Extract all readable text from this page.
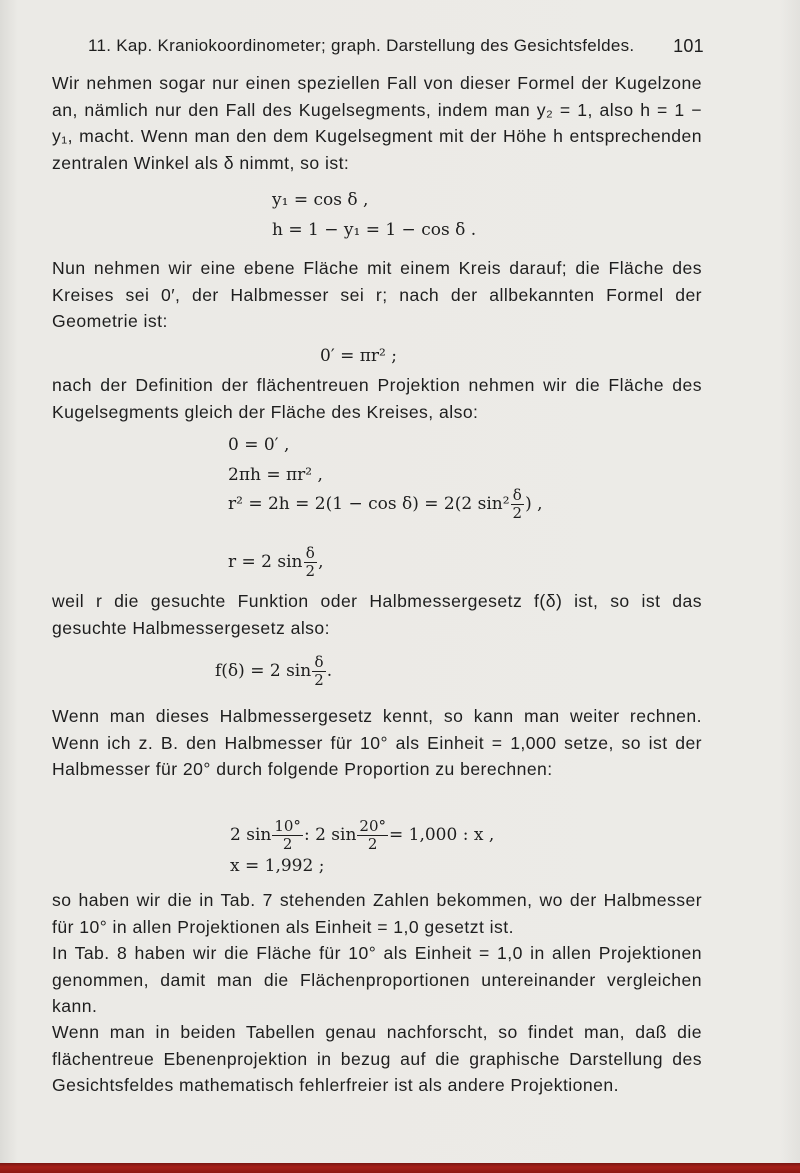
11. Kap. Kraniokoordinometer; graph. Darstellung des Gesichtsfeldes. 101

Wir nehmen sogar nur einen speziellen Fall von dieser Formel der Kugelzone an, nämlich nur den Fall des Kugelsegments, indem man y₂ = 1, also h = 1 − y₁, macht. Wenn man den dem Kugelsegment mit der Höhe h entsprechenden zentralen Winkel als δ nimmt, so ist:

y₁ = cos δ ,
h = 1 − y₁ = 1 − cos δ .

Nun nehmen wir eine ebene Fläche mit einem Kreis darauf; die Fläche des Kreises sei 0′, der Halbmesser sei r; nach der allbekannten Formel der Geometrie ist:

0′ = πr² ;

nach der Definition der flächentreuen Projektion nehmen wir die Fläche des Kugelsegments gleich der Fläche des Kreises, also:

0 = 0′ ,
2πh = πr² ,
r² = 2h = 2(1 − cos δ) = 2(2 $\sin^2 \frac{\delta}{2}$ ) ,
r = 2 $\sin \frac{\delta}{2}$ ,

weil r die gesuchte Funktion oder Halbmessergesetz f(δ) ist, so ist das gesuchte Halbmessergesetz also:

f(δ) = 2 $\sin \frac{\delta}{2}$ .

Wenn man dieses Halbmessergesetz kennt, so kann man weiter rechnen. Wenn ich z. B. den Halbmesser für 10° als Einheit = 1,000 setze, so ist der Halbmesser für 20° durch folgende Proportion zu berechnen:

2 $\sin \frac{10^\circ}{2}$ : 2 $\sin \frac{20^\circ}{2} = 1,000$ : x ,
x = 1,992 ;

so haben wir die in Tab. 7 stehenden Zahlen bekommen, wo der Halbmesser für 10° in allen Projektionen als Einheit = 1,0 gesetzt ist.

In Tab. 8 haben wir die Fläche für 10° als Einheit = 1,0 in allen Projektionen genommen, damit man die Flächenproportionen untereinander vergleichen kann.

Wenn man in beiden Tabellen genau nachforscht, so findet man, daß die flächentreue Ebenenprojektion in bezug auf die graphische Darstellung des Gesichtsfeldes mathematisch fehlerfreier ist als andere Projektionen.
